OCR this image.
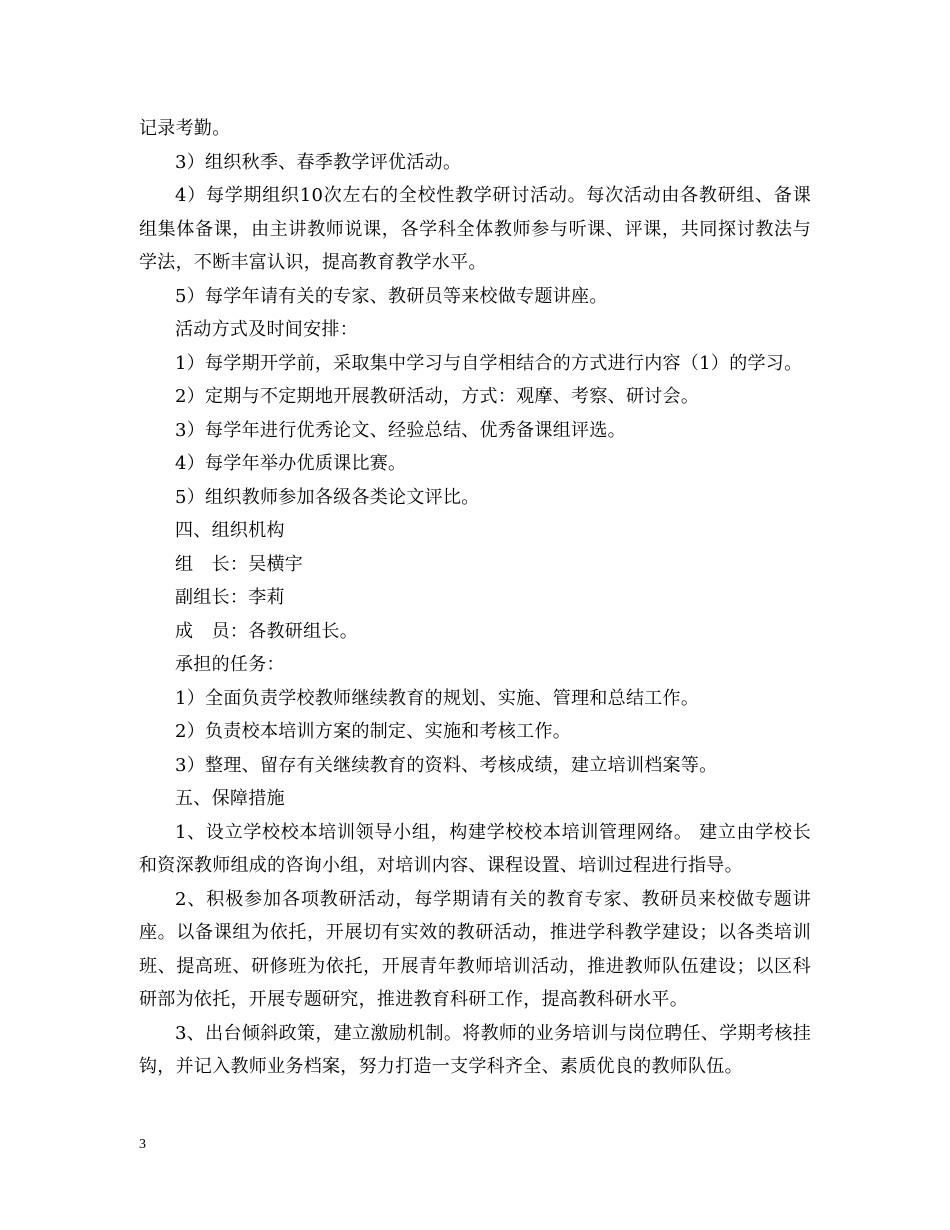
记录考勤。

3）组织秋季、春季教学评优活动。

4）每学期组织10次左右的全校性教学研讨活动。每次活动由各教研组、备课组集体备课，由主讲教师说课，各学科全体教师参与听课、评课，共同探讨教法与学法，不断丰富认识，提高教育教学水平。

5）每学年请有关的专家、教研员等来校做专题讲座。

活动方式及时间安排：

1）每学期开学前，采取集中学习与自学相结合的方式进行内容（1）的学习。

2）定期与不定期地开展教研活动，方式：观摩、考察、研讨会。

3）每学年进行优秀论文、经验总结、优秀备课组评选。

4）每学年举办优质课比赛。

5）组织教师参加各级各类论文评比。

四、组织机构

组　长：吴横宇

副组长：李莉

成　员：各教研组长。

承担的任务：

1）全面负责学校教师继续教育的规划、实施、管理和总结工作。

2）负责校本培训方案的制定、实施和考核工作。

3）整理、留存有关继续教育的资料、考核成绩，建立培训档案等。

五、保障措施

1、设立学校校本培训领导小组，构建学校校本培训管理网络。 建立由学校长和资深教师组成的咨询小组，对培训内容、课程设置、培训过程进行指导。

2、积极参加各项教研活动，每学期请有关的教育专家、教研员来校做专题讲座。以备课组为依托，开展切有实效的教研活动，推进学科教学建设；以各类培训班、提高班、研修班为依托，开展青年教师培训活动，推进教师队伍建设；以区科研部为依托，开展专题研究，推进教育科研工作，提高教科研水平。

3、出台倾斜政策，建立激励机制。将教师的业务培训与岗位聘任、学期考核挂钩，并记入教师业务档案，努力打造一支学科齐全、素质优良的教师队伍。

3
